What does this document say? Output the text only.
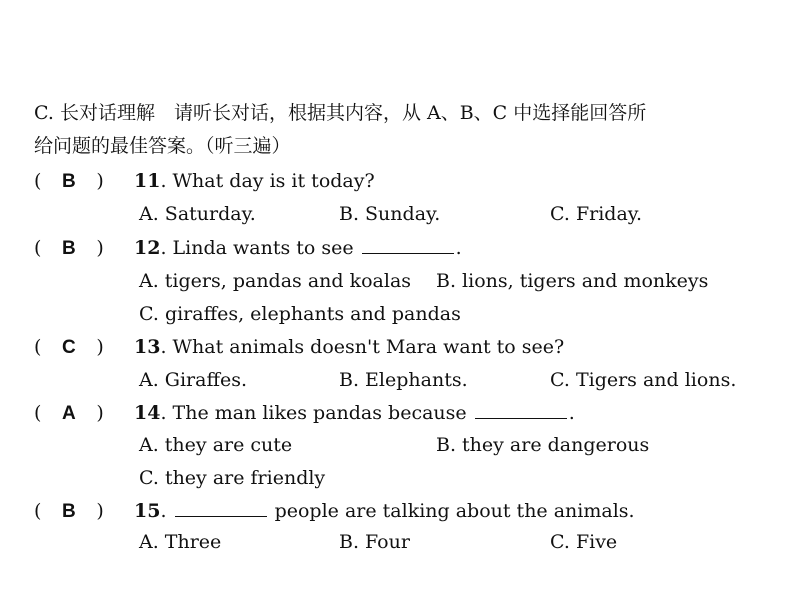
C. 长对话理解　请听长对话，根据其内容，从 A、B、C 中选择能回答所
给问题的最佳答案。（听三遍）
( B ) 11. What day is it today?
A. Saturday.	B. Sunday.	C. Friday.
( B ) 12. Linda wants to see	.
A. tigers, pandas and koalas B. lions, tigers and monkeys
C. giraffes, elephants and pandas
( C ) 13. What animals doesn't Mara want to see?
A. Giraffes.	B. Elephants.	C. Tigers and lions.
( A ) 14. The man likes pandas because	.
A. they are cute	B. they are dangerous
C. they are friendly
( B ) 15.	people are talking about the animals.
A. Three	B. Four	C. Five
